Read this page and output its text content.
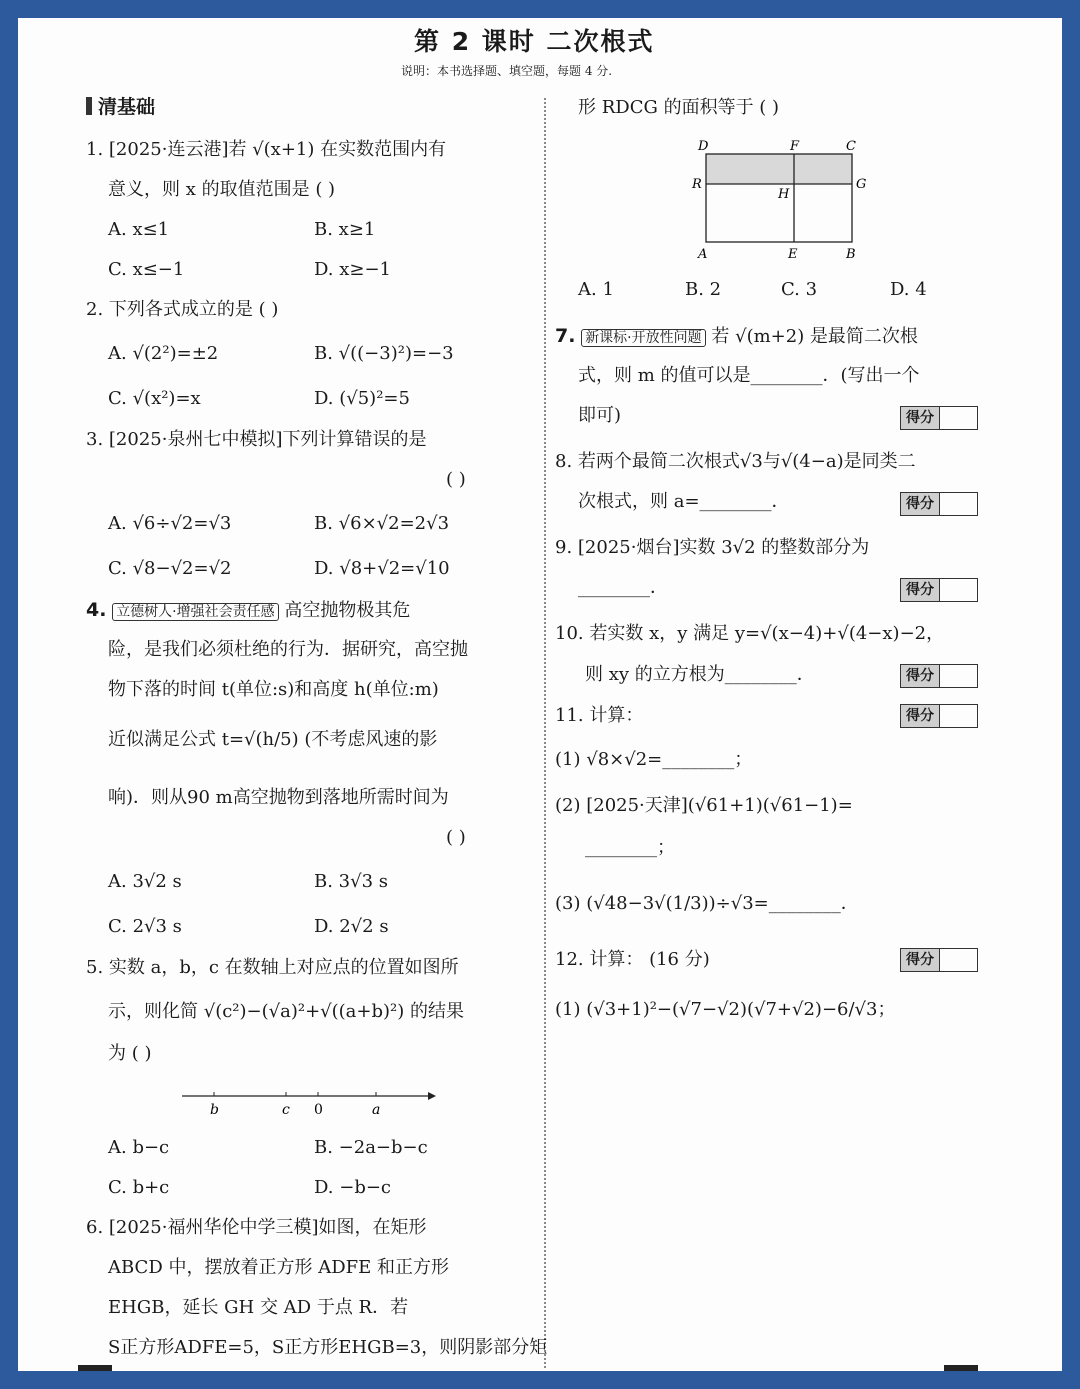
第 2 课时 二次根式
说明：本书选择题、填空题，每题 4 分.
清基础
1. [2025·连云港]若 √(x+1) 在实数范围内有
意义，则 x 的取值范围是 ( )
A. x≤1	B. x≥1
C. x≤−1	D. x≥−1
2. 下列各式成立的是 ( )
A. √(2²)=±2	B. √((−3)²)=−3
C. √(x²)=x	D. (√5)²=5
3. [2025·泉州七中模拟]下列计算错误的是
( )
A. √6÷√2=√3	B. √6×√2=2√3
C. √8−√2=√2	D. √8+√2=√10
4. 立德树人·增强社会责任感 高空抛物极其危
险，是我们必须杜绝的行为．据研究，高空抛
物下落的时间 t(单位:s)和高度 h(单位:m)
近似满足公式 t=√(h/5) (不考虑风速的影
响)．则从90 m高空抛物到落地所需时间为
( )
A. 3√2 s	B. 3√3 s
C. 2√3 s	D. 2√2 s
5. 实数 a，b，c 在数轴上对应点的位置如图所
示，则化简 √(c²)−(√a)²+√((a+b)²) 的结果
为 ( )
b	c 0	a
A. b−c	B. −2a−b−c
C. b+c	D. −b−c
6. [2025·福州华伦中学三模]如图，在矩形
ABCD 中，摆放着正方形 ADFE 和正方形
EHGB，延长 GH 交 AD 于点 R．若
S正方形ADFE=5，S正方形EHGB=3，则阴影部分矩
形 RDCG 的面积等于 ( )
D	F	C
R	G
H
A	E	B
A. 1	B. 2	C. 3	D. 4
7. 新课标·开放性问题 若 √(m+2) 是最简二次根
式，则 m 的值可以是________．(写出一个
即可)	得分
8. 若两个最简二次根式√3与√(4−a)是同类二
次根式，则 a=________．	得分
9. [2025·烟台]实数 3√2 的整数部分为
________．	得分
10. 若实数 x，y 满足 y=√(x−4)+√(4−x)−2，
则 xy 的立方根为________．	得分
11. 计算：	得分
(1) √8×√2=________；
(2) [2025·天津](√61+1)(√61−1)=
________；
(3) (√48−3√(1/3))÷√3=________．
12. 计算： (16 分)	得分
(1) (√3+1)²−(√7−√2)(√7+√2)−6/√3；
